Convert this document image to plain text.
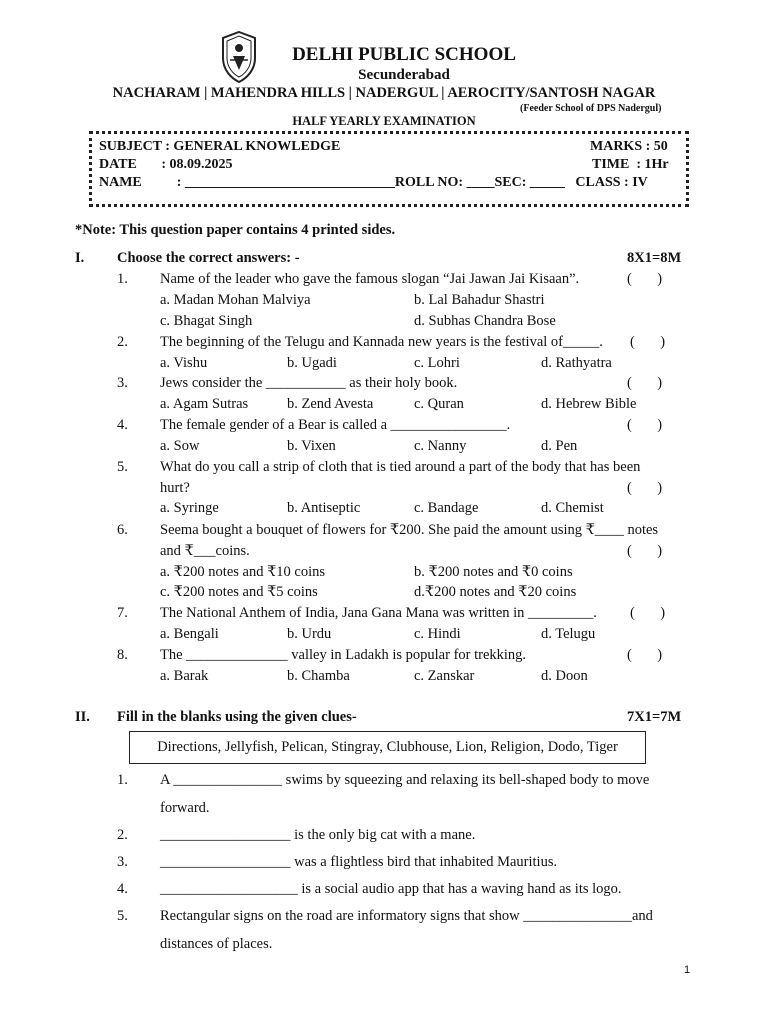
DELHI PUBLIC SCHOOL
Secunderabad
NACHARAM | MAHENDRA HILLS | NADERGUL | AEROCITY/SANTOSH NAGAR
(Feeder School of DPS Nadergul)
HALF YEARLY EXAMINATION
SUBJECT : GENERAL KNOWLEDGE	MARKS : 50
DATE       : 08.09.2025	TIME  : 1Hr
NAME          : ______________________________ROLL NO: ____SEC: _____   CLASS : IV
*Note: This question paper contains 4 printed sides.
I. Choose the correct answers: -	8X1=8M
1. Name of the leader who gave the famous slogan “Jai Jawan Jai Kisaan”.	(       )
a. Madan Mohan Malviya	b. Lal Bahadur Shastri
c. Bhagat Singh	d. Subhas Chandra Bose
2. The beginning of the Telugu and Kannada new years is the festival of_____. (       )
a. Vishu	b. Ugadi	c. Lohri	d. Rathyatra
3. Jews consider the ___________ as their holy book.	(       )
a. Agam Sutras	b. Zend Avesta	c. Quran	d. Hebrew Bible
4. The female gender of a Bear is called a ________________.	(       )
a. Sow	b. Vixen	c. Nanny	d. Pen
5. What do you call a strip of cloth that is tied around a part of the body that has been
hurt?	(       )
a. Syringe	b. Antiseptic	c. Bandage	d. Chemist
6. Seema bought a bouquet of flowers for ₹200. She paid the amount using ₹____ notes
and ₹___coins.	(       )
a. ₹200 notes and ₹10 coins	b. ₹200 notes and ₹0 coins
c. ₹200 notes and ₹5 coins	d.₹200 notes and ₹20 coins
7. The National Anthem of India, Jana Gana Mana was written in _________. (       )
a. Bengali	b. Urdu	c. Hindi	d. Telugu
8. The ______________ valley in Ladakh is popular for trekking.	(       )
a. Barak	b. Chamba	c. Zanskar	d. Doon
II. Fill in the blanks using the given clues-	7X1=7M
Directions, Jellyfish, Pelican, Stingray, Clubhouse, Lion, Religion, Dodo, Tiger
1. A _______________ swims by squeezing and relaxing its bell-shaped body to move
forward.
2. __________________ is the only big cat with a mane.
3. __________________ was a flightless bird that inhabited Mauritius.
4. ___________________ is a social audio app that has a waving hand as its logo.
5. Rectangular signs on the road are informatory signs that show _______________and
distances of places.
1
